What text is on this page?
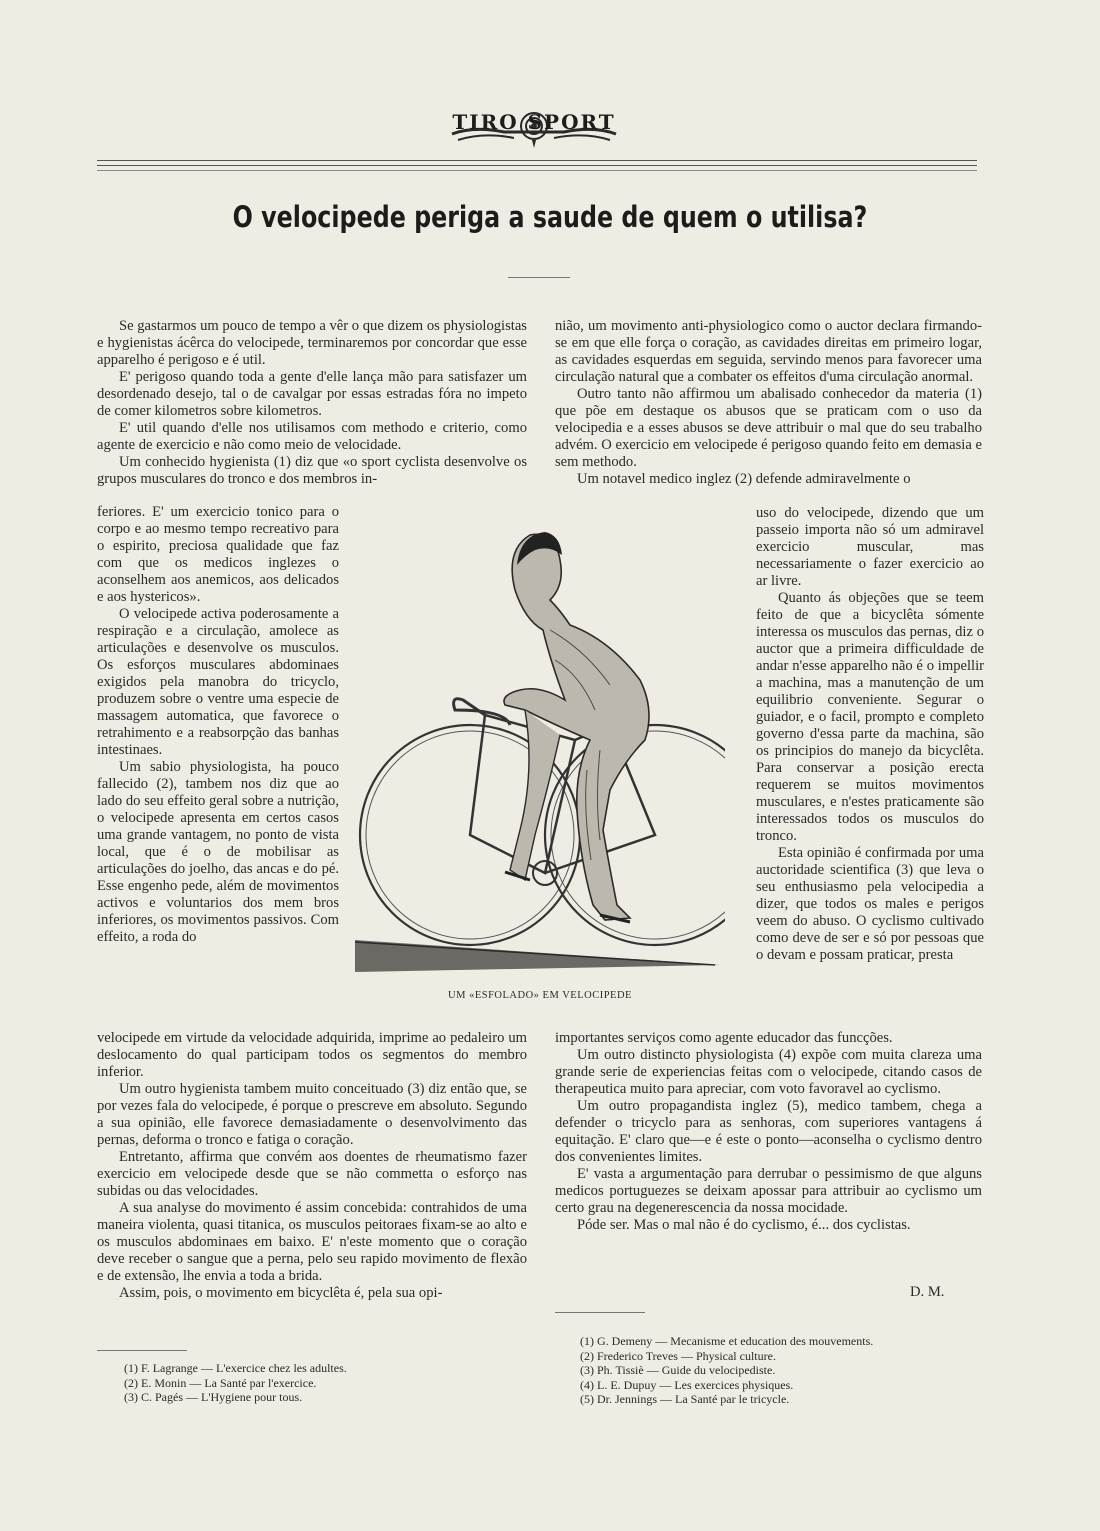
TIRO SPORT
O velocipede periga a saude de quem o utilisa?

Se gastarmos um pouco de tempo a vêr o que dizem os physiologistas e hygienistas ácêrca do velocipede, terminaremos por concordar que esse apparelho é perigoso e é util.

E' perigoso quando toda a gente d'elle lança mão para satisfazer um desordenado desejo, tal o de cavalgar por essas estradas fóra no impeto de comer kilometros sobre kilometros.

E' util quando d'elle nos utilisamos com methodo e criterio, como agente de exercicio e não como meio de velocidade.

Um conhecido hygienista (1) diz que «o sport cyclista desenvolve os grupos musculares do tronco e dos membros in-

feriores. E' um exercicio tonico para o corpo e ao mesmo tempo recreativo para o espirito, preciosa qualidade que faz com que os medicos inglezes o aconselhem aos anemicos, aos delicados e aos hystericos».

O velocipede activa poderosamente a respiração e a circulação, amolece as articulações e desenvolve os musculos. Os esforços musculares abdominaes exigidos pela manobra do tricyclo, produzem sobre o ventre uma especie de massagem automatica, que favorece o retrahimento e a reabsorpção das banhas intestinaes.

Um sabio physiologista, ha pouco fallecido (2), tambem nos diz que ao lado do seu effeito geral sobre a nutrição, o velocipede apresenta em certos casos uma grande vantagem, no ponto de vista local, que é o de mobilisar as articulações do joelho, das ancas e do pé. Esse engenho pede, além de movimentos activos e voluntarios dos mem bros inferiores, os movimentos passivos. Com effeito, a roda do

velocipede em virtude da velocidade adquirida, imprime ao pedaleiro um deslocamento do qual participam todos os segmentos do membro inferior.

Um outro hygienista tambem muito conceituado (3) diz então que, se por vezes fala do velocipede, é porque o prescreve em absoluto. Segundo a sua opinião, elle favorece demasiadamente o desenvolvimento das pernas, deforma o tronco e fatiga o coração.

Entretanto, affirma que convém aos doentes de rheumatismo fazer exercicio em velocipede desde que se não commetta o esforço nas subidas ou das velocidades.

A sua analyse do movimento é assim concebida: contrahidos de uma maneira violenta, quasi titanica, os musculos peitoraes fixam-se ao alto e os musculos abdominaes em baixo. E' n'este momento que o coração deve receber o sangue que a perna, pelo seu rapido movimento de flexão e de extensão, lhe envia a toda a brida.

Assim, pois, o movimento em bicyclêta é, pela sua opi-

nião, um movimento anti-physiologico como o auctor declara firmando-se em que elle força o coração, as cavidades direitas em primeiro logar, as cavidades esquerdas em seguida, servindo menos para favorecer uma circulação natural que a combater os effeitos d'uma circulação anormal.

Outro tanto não affirmou um abalisado conhecedor da materia (1) que põe em destaque os abusos que se praticam com o uso da velocipedia e a esses abusos se deve attribuir o mal que do seu trabalho advém. O exercicio em velocipede é perigoso quando feito em demasia e sem methodo.

Um notavel medico inglez (2) defende admiravelmente o

uso do velocipede, dizendo que um passeio importa não só um admiravel exercicio muscular, mas necessariamente o fazer exercicio ao ar livre.

Quanto ás objeções que se teem feito de que a bicyclêta sómente interessa os musculos das pernas, diz o auctor que a primeira difficuldade de andar n'esse apparelho não é o impellir a machina, mas a manutenção de um equilibrio conveniente. Segurar o guiador, e o facil, prompto e completo governo d'essa parte da machina, são os principios do manejo da bicyclêta. Para conservar a posição erecta requerem se muitos movimentos musculares, e n'estes praticamente são interessados todos os musculos do tronco.

Esta opinião é confirmada por uma auctoridade scientifica (3) que leva o seu enthusiasmo pela velocipedia a dizer, que todos os males e perigos veem do abuso. O cyclismo cultivado como deve de ser e só por pessoas que o devam e possam praticar, presta

importantes serviços como agente educador das funcções.

Um outro distincto physiologista (4) expõe com muita clareza uma grande serie de experiencias feitas com o velocipede, citando casos de therapeutica muito para apreciar, com voto favoravel ao cyclismo.

Um outro propagandista inglez (5), medico tambem, chega a defender o tricyclo para as senhoras, com superiores vantagens á equitação. E' claro que—e é este o ponto—aconselha o cyclismo dentro dos convenientes limites.

E' vasta a argumentação para derrubar o pessimismo de que alguns medicos portuguezes se deixam apossar para attribuir ao cyclismo um certo grau na degenerescencia da nossa mocidade.

Póde ser. Mas o mal não é do cyclismo, é... dos cyclistas.

D. M.
UM «ESFOLADO» EM VELOCIPEDE
(1) F. Lagrange — L'exercice chez les adultes.
(2) E. Monin — La Santé par l'exercice.
(3) C. Pagés — L'Hygiene pour tous.
(1) G. Demeny — Mecanisme et education des mouvements.
(2) Frederico Treves — Physical culture.
(3) Ph. Tissiè — Guide du velocipediste.
(4) L. E. Dupuy — Les exercices physiques.
(5) Dr. Jennings — La Santé par le tricycle.
